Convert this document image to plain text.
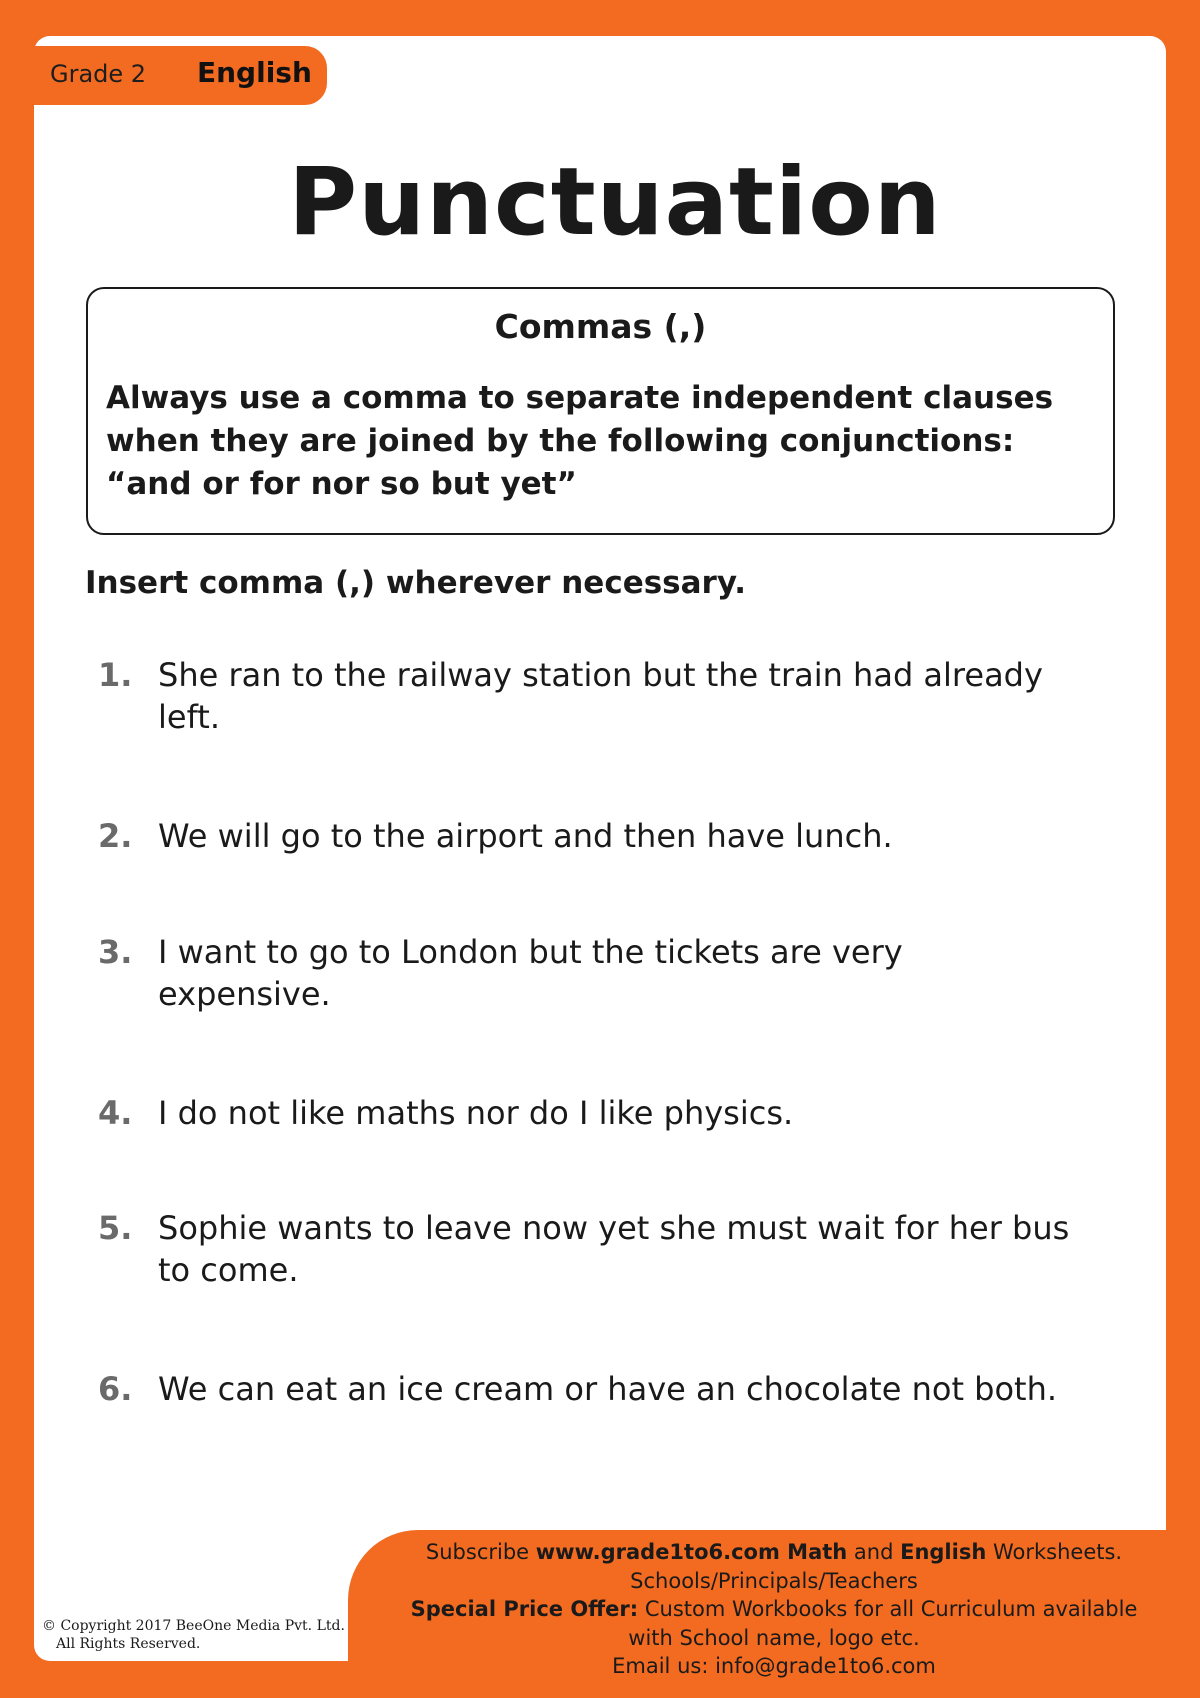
Grade 2 English
Punctuation
Commas (,)

Always use a comma to separate independent clauses
when they are joined by the following conjunctions:
“and or for nor so but yet”

Insert comma (,) wherever necessary.
1. She ran to the railway station but the train had already
left.
2. We will go to the airport and then have lunch.
3. I want to go to London but the tickets are very
expensive.
4. I do not like maths nor do I like physics.
5. Sophie wants to leave now yet she must wait for her bus
to come.
6. We can eat an ice cream or have an chocolate not both.

Subscribe www.grade1to6.com Math and English Worksheets.
Schools/Principals/Teachers
Special Price Offer: Custom Workbooks for all Curriculum available
with School name, logo etc.
Email us: info@grade1to6.com

© Copyright 2017 BeeOne Media Pvt. Ltd.
All Rights Reserved.
